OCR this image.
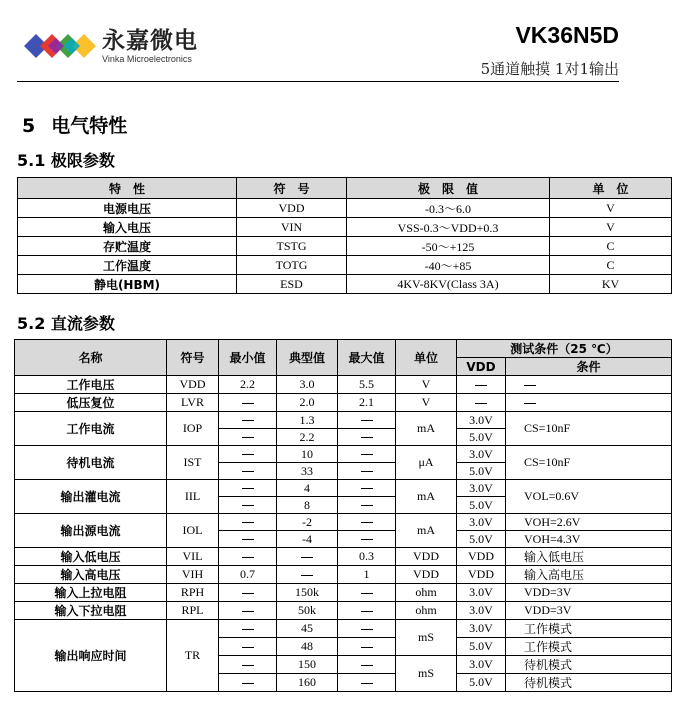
永嘉微电
Vinka Microelectronics
VK36N5D
5通道触摸 1对1输出
5 电气特性
5.1 极限参数
特　性	符　号	极　限　值	单　位
电源电压	VDD	-0.3～6.0	V
输入电压	VIN	VSS-0.3～VDD+0.3	V
存贮温度	TSTG	-50～+125	C
工作温度	TOTG	-40～+85	C
静电(HBM)	ESD	4KV-8KV(Class 3A)	KV
5.2 直流参数
名称	符号	最小值	典型值	最大值	单位	测试条件（25 ℃）	
						VDD	条件
工作电压	VDD	2.2	3.0	5.5	V		
低压复位	LVR		2.0	2.1	V		
工作电流	IOP		1.3		mA	3.0V	CS=10nF
			2.2			5.0V	
待机电流	IST		10		μA	3.0V	CS=10nF
			33			5.0V	
输出灌电流	IIL		4		mA	3.0V	VOL=0.6V
			8			5.0V	
输出源电流	IOL		-2		mA	3.0V	VOH=2.6V
			-4			5.0V	VOH=4.3V
输入低电压	VIL			0.3	VDD	VDD	输入低电压
输入高电压	VIH	0.7		1	VDD	VDD	输入高电压
输入上拉电阻	RPH		150k		ohm	3.0V	VDD=3V
输入下拉电阻	RPL		50k		ohm	3.0V	VDD=3V
输出响应时间	TR		45		mS	3.0V	工作模式
			48			5.0V	工作模式
			150		mS	3.0V	待机模式
			160			5.0V	待机模式
